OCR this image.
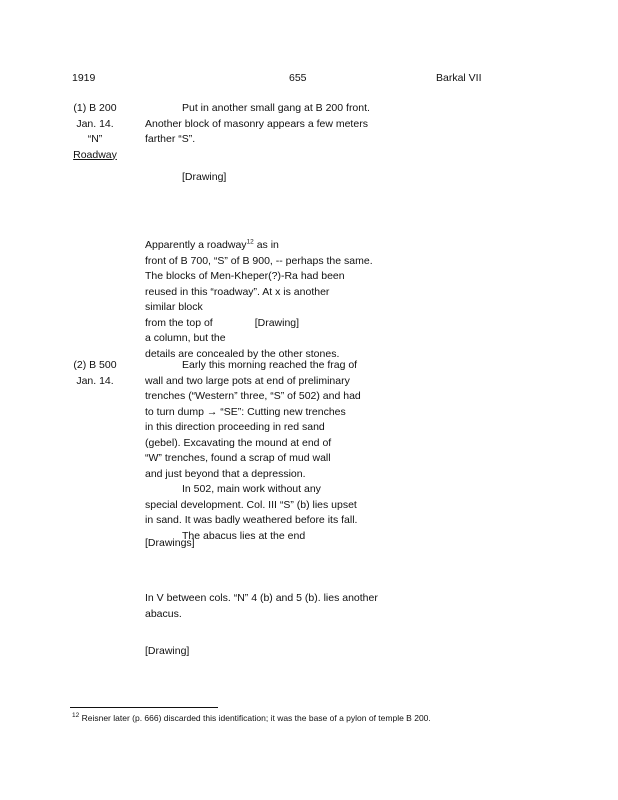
1919	655	Barkal VII
(1) B 200
Jan. 14.
“N”
Roadway
Put in another small gang at B 200 front.
Another block of masonry appears a few meters
farther “S”.
[Drawing]
Apparently a roadway$^{12}$ as in
front of B 700, “S” of B 900, -- perhaps the same.
The blocks of Men-Kheper(?)-Ra had been
reused in this “roadway”. At x is another
similar block
from the top of	[Drawing]
a column, but the
details are concealed by the other stones.
(2) B 500
Jan. 14.
Early this morning reached the frag of
wall and two large pots at end of preliminary
trenches (“Western” three, “S” of 502) and had
to turn dump → “SE”: Cutting new trenches
in this direction proceeding in red sand
(gebel). Excavating the mound at end of
“W” trenches, found a scrap of mud wall
and just beyond that a depression.
In 502, main work without any
special development. Col. III “S” (b) lies upset
in sand. It was badly weathered before its fall.
The abacus lies at the end
[Drawings]
In V between cols. “N” 4 (b) and 5 (b). lies another
abacus.
[Drawing]
$^{12}$ Reisner later (p. 666) discarded this identification; it was the base of a pylon of temple B 200.
